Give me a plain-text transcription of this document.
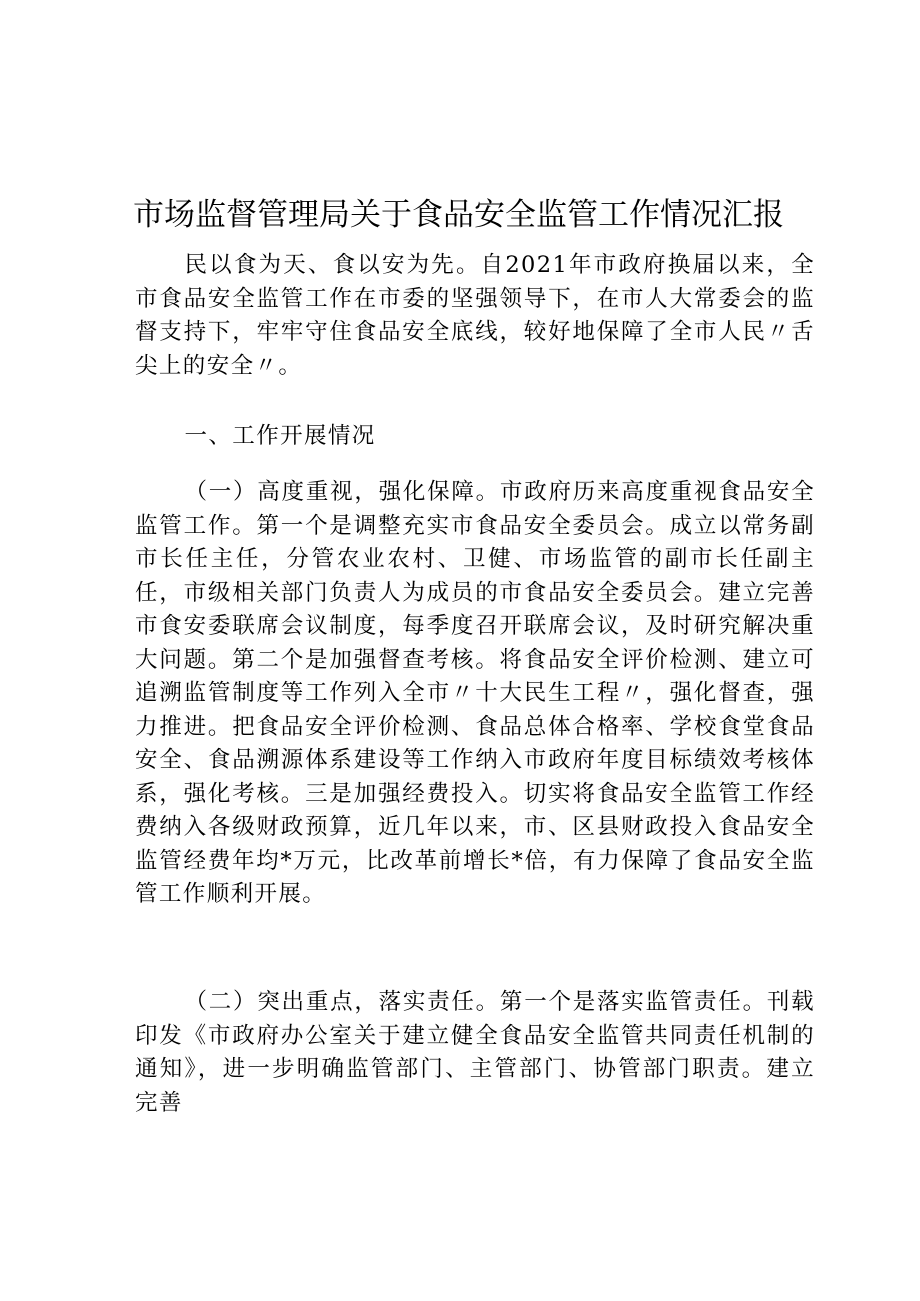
市场监督管理局关于食品安全监管工作情况汇报

民以食为天、食以安为先。自2021年市政府换届以来，全市食品安全监管工作在市委的坚强领导下，在市人大常委会的监督支持下，牢牢守住食品安全底线，较好地保障了全市人民〃舌尖上的安全〃。

一、工作开展情况

（一）高度重视，强化保障。市政府历来高度重视食品安全监管工作。第一个是调整充实市食品安全委员会。成立以常务副市长任主任，分管农业农村、卫健、市场监管的副市长任副主任，市级相关部门负责人为成员的市食品安全委员会。建立完善市食安委联席会议制度，每季度召开联席会议，及时研究解决重大问题。第二个是加强督查考核。将食品安全评价检测、建立可追溯监管制度等工作列入全市〃十大民生工程〃，强化督查，强力推进。把食品安全评价检测、食品总体合格率、学校食堂食品安全、食品溯源体系建设等工作纳入市政府年度目标绩效考核体系，强化考核。三是加强经费投入。切实将食品安全监管工作经费纳入各级财政预算，近几年以来，市、区县财政投入食品安全监管经费年均*万元，比改革前增长*倍，有力保障了食品安全监管工作顺利开展。

（二）突出重点，落实责任。第一个是落实监管责任。刊载印发《市政府办公室关于建立健全食品安全监管共同责任机制的通知》，进一步明确监管部门、主管部门、协管部门职责。建立完善
